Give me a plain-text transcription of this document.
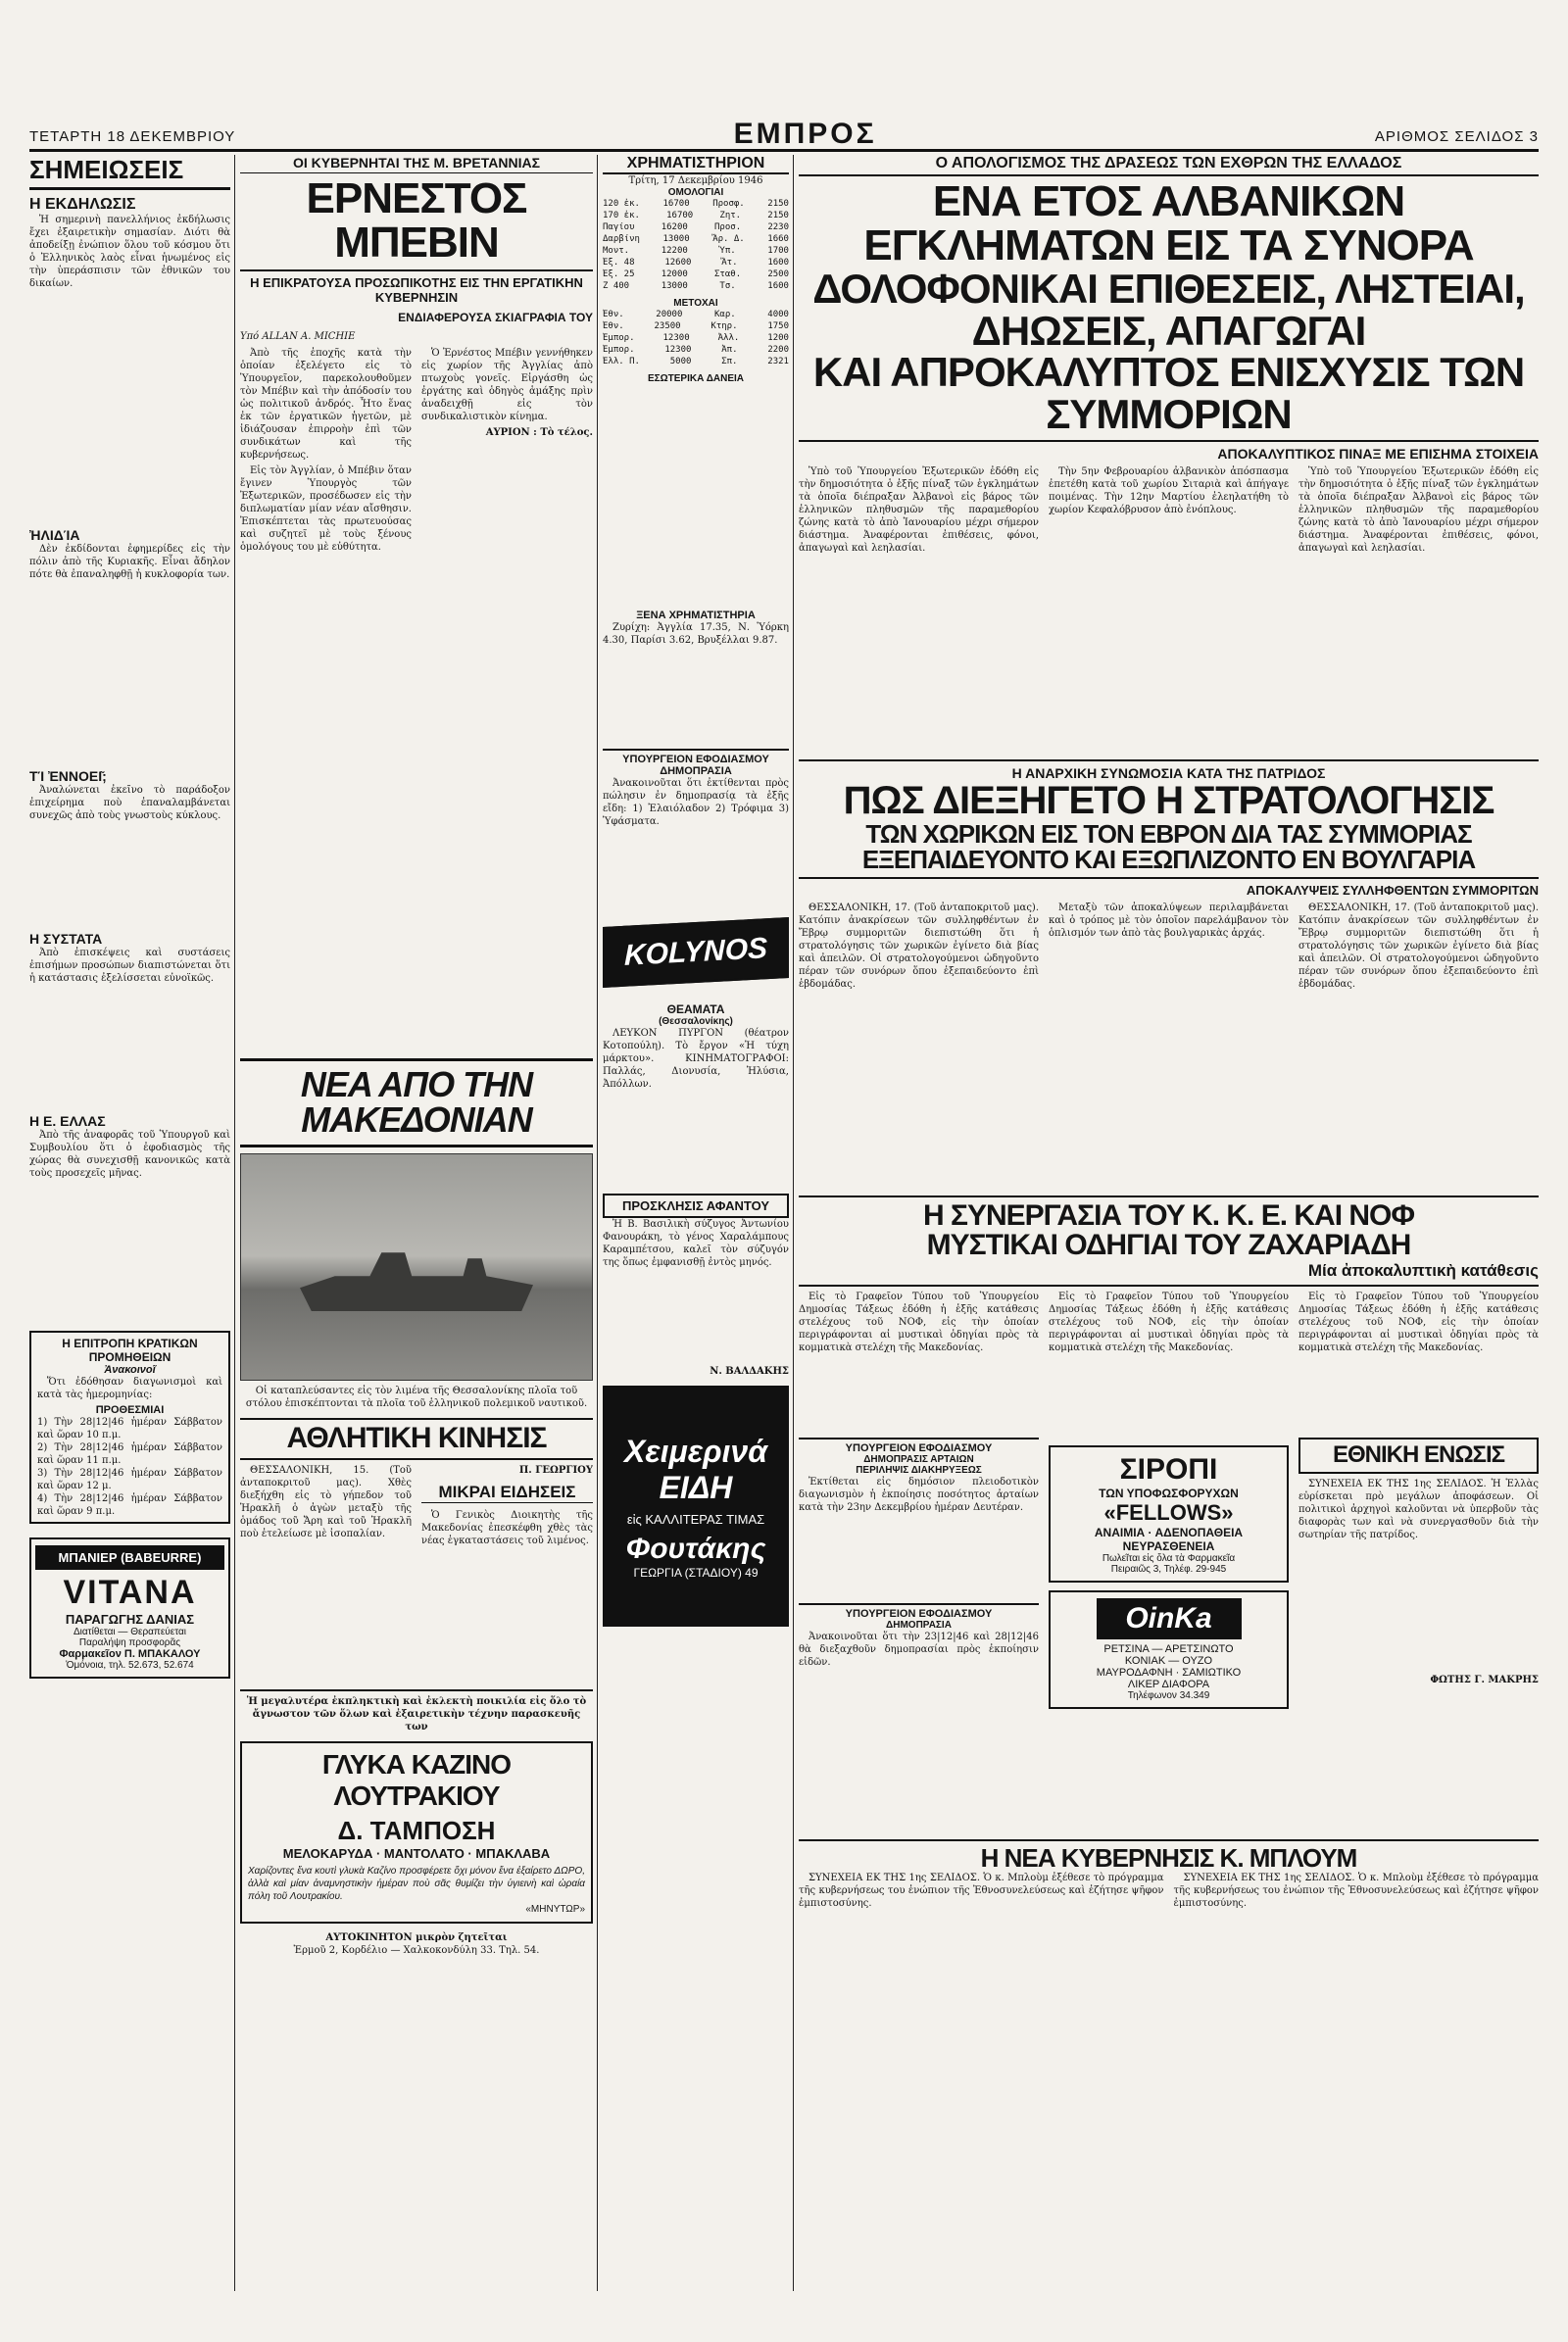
ΤΕΤΑΡΤΗ 18 ΔΕΚΕΜΒΡΙΟΥ	ΕΜΠΡΟΣ	ΑΡΙΘΜΟΣ ΣΕΛΙΔΟΣ 3
ΣΗΜΕΙΩΣΕΙΣ
Η ΕΚΔΗΛΩΣΙΣ

Ἡ σημερινὴ πανελλήνιος ἐκδήλωσις ἔχει ἐξαιρετικὴν σημασίαν. Διότι θὰ ἀποδείξῃ ἐνώπιον ὅλου τοῦ κόσμου ὅτι ὁ Ἑλληνικὸς λαὸς εἶναι ἡνωμένος εἰς τὴν ὑπεράσπισιν τῶν ἐθνικῶν του δικαίων.

ἨΛΙΔΊΑ

Δὲν ἐκδίδονται ἐφημερίδες εἰς τὴν πόλιν ἀπὸ τῆς Κυριακῆς. Εἶναι ἄδηλον πότε θὰ ἐπαναληφθῇ ἡ κυκλοφορία των.

ΤΊ ἘΝΝΟΕΙ͂;

Ἀναλώνεται ἐκεῖνο τὸ παράδοξον ἐπιχείρημα ποὺ ἐπαναλαμβάνεται συνεχῶς ἀπὸ τοὺς γνωστοὺς κύκλους.

Η ΣΥΣΤΑΤΑ

Ἀπὸ ἐπισκέψεις καὶ συστάσεις ἐπισήμων προσώπων διαπιστώνεται ὅτι ἡ κατάστασις ἐξελίσσεται εὐνοϊκῶς.

Η Ε. ΕΛΛΑΣ

Ἀπὸ τῆς ἀναφορᾶς τοῦ Ὑπουργοῦ καὶ Συμβουλίου ὅτι ὁ ἐφοδιασμὸς τῆς χώρας θὰ συνεχισθῇ κανονικῶς κατὰ τοὺς προσεχεῖς μῆνας.

Η ΕΠΙΤΡΟΠΗ ΚΡΑΤΙΚΩΝ ΠΡΟΜΗΘΕΙΩΝ
Ἀνακοινοῖ

Ὅτι ἐδόθησαν διαγωνισμοὶ καὶ κατὰ τὰς ἡμερομηνίας:

ΠΡΟΘΕΣΜΙΑΙ
1) Τὴν 28|12|46 ἡμέραν Σάββατον καὶ ὥραν 10 π.μ.
2) Τὴν 28|12|46 ἡμέραν Σάββατον καὶ ὥραν 11 π.μ.
3) Τὴν 28|12|46 ἡμέραν Σάββατον καὶ ὥραν 12 μ.
4) Τὴν 28|12|46 ἡμέραν Σάββατον καὶ ὥραν 9 π.μ.
ΜΠΑΝΙΕΡ (BABEURRE)
VITANA
ΠΑΡΑΓΩΓΗΣ ΔΑΝΙΑΣ
Διατίθεται — Θεραπεύεται
Παραλήψη προσφορᾶς
Φαρμακεῖον Π. ΜΠΑΚΑΛΟΥ
Ὁμόνοια, τηλ. 52.673, 52.674
ΟΙ ΚΥΒΕΡΝΗΤΑΙ ΤΗΣ Μ. ΒΡΕΤΑΝΝΙΑΣ
ΕΡΝΕΣΤΟΣ ΜΠΕΒΙΝ
Η ΕΠΙΚΡΑΤΟΥΣΑ ΠΡΟΣΩΠΙΚΟΤΗΣ ΕΙΣ ΤΗΝ ΕΡΓΑΤΙΚΗΝ ΚΥΒΕΡΝΗΣΙΝ
ΕΝΔΙΑΦΕΡΟΥΣΑ ΣΚΙΑΓΡΑΦΙΑ ΤΟΥ
Υπό ALLAN A. MICHIE

Ἀπὸ τῆς ἐποχῆς κατὰ τὴν ὁποίαν ἐξελέγετο εἰς τὸ Ὑπουργεῖον, παρεκολουθοῦμεν τὸν Μπέβιν καὶ τὴν ἀπόδοσίν του ὡς πολιτικοῦ ἀνδρός. Ἦτο ἕνας ἐκ τῶν ἐργατικῶν ἡγετῶν, μὲ ἰδιάζουσαν ἐπιρροὴν ἐπὶ τῶν συνδικάτων καὶ τῆς κυβερνήσεως.

Εἰς τὸν Ἀγγλίαν, ὁ Μπέβιν ὅταν ἔγινεν Ὑπουργὸς τῶν Ἐξωτερικῶν, προσέδωσεν εἰς τὴν διπλωματίαν μίαν νέαν αἴσθησιν. Ἐπισκέπτεται τὰς πρωτευούσας καὶ συζητεῖ μὲ τοὺς ξένους ὁμολόγους του μὲ εὐθύτητα.

Ὁ Ἐρνέστος Μπέβιν γεννήθηκεν εἰς χωρίον τῆς Ἀγγλίας ἀπὸ πτωχοὺς γονεῖς. Εἰργάσθη ὡς ἐργάτης καὶ ὁδηγὸς ἁμάξης πρὶν ἀναδειχθῇ εἰς τὸν συνδικαλιστικὸν κίνημα.

ΑΥΡΙΟΝ : Τὸ τέλος.

ΝΕΑ ΑΠΟ ΤΗΝ ΜΑΚΕΔΟΝΙΑΝ
Οἱ καταπλεύσαντες εἰς τὸν λιμένα τῆς Θεσσαλονίκης πλοῖα τοῦ στόλου ἐπισκέπτονται τὰ πλοῖα τοῦ ἑλληνικοῦ πολεμικοῦ ναυτικοῦ.
ΑΘΛΗΤΙΚΗ ΚΙΝΗΣΙΣ

ΘΕΣΣΑΛΟΝΙΚΗ, 15. (Τοῦ ἀνταποκριτοῦ μας). Χθὲς διεξήχθη εἰς τὸ γήπεδον τοῦ Ἡρακλῆ ὁ ἀγὼν μεταξὺ τῆς ὁμάδος τοῦ Ἄρη καὶ τοῦ Ἡρακλῆ ποὺ ἐτελείωσε μὲ ἰσοπαλίαν.

Π. ΓΕΩΡΓΙΟΥ
ΜΙΚΡΑΙ ΕΙΔΗΣΕΙΣ

Ὁ Γενικὸς Διοικητὴς τῆς Μακεδονίας ἐπεσκέφθη χθὲς τὰς νέας ἐγκαταστάσεις τοῦ λιμένος.

Ἡ μεγαλυτέρα ἐκπληκτικὴ καὶ ἐκλεκτὴ ποικιλία εἰς ὅλο τὸ ἄγνωστον τῶν ὅλων καὶ ἐξαιρετικὴν τέχνην παρασκευῆς των
ΓΛΥΚΑ ΚΑΖΙΝΟ ΛΟΥΤΡΑΚΙΟΥ
Δ. ΤΑΜΠΟΣΗ
ΜΕΛΟΚΑΡΥΔΑ · ΜΑΝΤΟΛΑΤΟ · ΜΠΑΚΛΑΒΑ
Χαρίζοντες ἕνα κουτὶ γλυκὰ Καζίνο προσφέρετε ὄχι μόνον ἕνα ἐξαίρετο ΔΩΡΟ, ἀλλὰ καὶ μίαν ἀναμνηστικὴν ἡμέραν ποὺ σᾶς θυμίζει τὴν ὑγιεινὴ καὶ ὡραία πόλη τοῦ Λουτρακίου.
«ΜΗΝΥΤΩΡ»
ΑΥΤΟΚΙΝΗΤΟΝ μικρὸν ζητεῖται
Ἐρμοῦ 2, Κορδέλιο — Χαλκοκονδύλη 33. Τηλ. 54.
ΧΡΗΜΑΤΙΣΤΗΡΙΟΝ
Τρίτη, 17 Δεκεμβρίου 1946
ΟΜΟΛΟΓΙΑΙ
120 ἐκ.	16700	Προσφ.	2150
170 ἐκ.	16700	Ζητ.	2150
Παγίου	16200	Προσ.	2230
Δαρβίνη	13000	Ἄρ. Δ.	1660
Μοντ.	12200	Ὑπ.	1700
Ἐξ. 48	12600	Ἄτ.	1600
Ἐξ. 25	12000	Σταθ.	2500
Ζ 400	13000	Τσ.	1600
ΜΕΤΟΧΑΙ
Ἐθν.	20000	Καρ.	4000
Ἐθν.	23500	Κτηρ.	1750
Ἐμπορ.	12300	Ἀλλ.	1200
Ἐμπορ.	12300	Ἀπ.	2200
Ἑλλ. Π.	5000	Σπ.	2321
ΕΣΩΤΕΡΙΚΑ ΔΑΝΕΙΑ
ΞΕΝΑ ΧΡΗΜΑΤΙΣΤΗΡΙΑ

Ζυρίχη: Ἀγγλία 17.35, Ν. Ὑόρκη 4.30, Παρίσι 3.62, Βρυξέλλαι 9.87.

ΥΠΟΥΡΓΕΙΟΝ ΕΦΟΔΙΑΣΜΟΥ
ΔΗΜΟΠΡΑΣΙΑ

Ἀνακοινοῦται ὅτι ἐκτίθενται πρὸς πώλησιν ἐν δημοπρασίᾳ τὰ ἑξῆς εἴδη: 1) Ἐλαιόλαδον 2) Τρόφιμα 3) Ὑφάσματα.

KOLYNOS
ΘΕΑΜΑΤΑ
(Θεσσαλονίκης)

ΛΕΥΚΟΝ ΠΥΡΓΟΝ (θέατρον Κοτοπούλη). Τὸ ἔργον «Ἡ τύχη μάρκτου». ΚΙΝΗΜΑΤΟΓΡΑΦΟΙ: Παλλάς, Διονυσία, Ἠλύσια, Ἀπόλλων.

ΠΡΟΣΚΛΗΣΙΣ ΑΦΑΝΤΟΥ

Ἡ Β. Βασιλικὴ σύζυγος Ἀντωνίου Φανουράκη, τὸ γένος Χαραλάμπους Καραμπέτσου, καλεῖ τὸν σύζυγόν της ὅπως ἐμφανισθῇ ἐντὸς μηνός.

Ν. ΒΑΛΔΑΚΗΣ
Χειμερινά ΕΙΔΗ
εἰς ΚΑΛΛΙΤΕΡΑΣ ΤΙΜΑΣ
Φουτάκης
ΓΕΩΡΓΙΑ (ΣΤΑΔΙΟΥ) 49
Ο ΑΠΟΛΟΓΙΣΜΟΣ ΤΗΣ ΔΡΑΣΕΩΣ ΤΩΝ ΕΧΘΡΩΝ ΤΗΣ ΕΛΛΑΔΟΣ
ΕΝΑ ΕΤΟΣ ΑΛΒΑΝΙΚΩΝ ΕΓΚΛΗΜΑΤΩΝ ΕΙΣ ΤΑ ΣΥΝΟΡΑ
ΔΟΛΟΦΟΝΙΚΑΙ ΕΠΙΘΕΣΕΙΣ, ΛΗΣΤΕΙΑΙ, ΔΗΩΣΕΙΣ, ΑΠΑΓΩΓΑΙ
ΚΑΙ ΑΠΡΟΚΑΛΥΠΤΟΣ ΕΝΙΣΧΥΣΙΣ ΤΩΝ ΣΥΜΜΟΡΙΩΝ
ΑΠΟΚΑΛΥΠΤΙΚΟΣ ΠΙΝΑΞ ΜΕ ΕΠΙΣΗΜΑ ΣΤΟΙΧΕΙΑ

Ὑπὸ τοῦ Ὑπουργείου Ἐξωτερικῶν ἐδόθη εἰς τὴν δημοσιότητα ὁ ἑξῆς πίναξ τῶν ἐγκλημάτων τὰ ὁποῖα διέπραξαν Ἀλβανοὶ εἰς βάρος τῶν ἑλληνικῶν πληθυσμῶν τῆς παραμεθορίου ζώνης κατὰ τὸ ἀπὸ Ἰανουαρίου μέχρι σήμερον διάστημα. Ἀναφέρονται ἐπιθέσεις, φόνοι, ἀπαγωγαὶ καὶ λεηλασίαι.

Τὴν 5ην Φεβρουαρίου ἀλβανικὸν ἀπόσπασμα ἐπετέθη κατὰ τοῦ χωρίου Σιταριὰ καὶ ἀπήγαγε ποιμένας. Τὴν 12ην Μαρτίου ἐλεηλατήθη τὸ χωρίον Κεφαλόβρυσον ἀπὸ ἐνόπλους.

Ὑπὸ τοῦ Ὑπουργείου Ἐξωτερικῶν ἐδόθη εἰς τὴν δημοσιότητα ὁ ἑξῆς πίναξ τῶν ἐγκλημάτων τὰ ὁποῖα διέπραξαν Ἀλβανοὶ εἰς βάρος τῶν ἑλληνικῶν πληθυσμῶν τῆς παραμεθορίου ζώνης κατὰ τὸ ἀπὸ Ἰανουαρίου μέχρι σήμερον διάστημα. Ἀναφέρονται ἐπιθέσεις, φόνοι, ἀπαγωγαὶ καὶ λεηλασίαι.

Η ΑΝΑΡΧΙΚΗ ΣΥΝΩΜΟΣΙΑ ΚΑΤΑ ΤΗΣ ΠΑΤΡΙΔΟΣ
ΠΩΣ ΔΙΕΞΗΓΕΤΟ Η ΣΤΡΑΤΟΛΟΓΗΣΙΣ
ΤΩΝ ΧΩΡΙΚΩΝ ΕΙΣ ΤΟΝ ΕΒΡΟΝ ΔΙΑ ΤΑΣ ΣΥΜΜΟΡΙΑΣ
ΕΞΕΠΑΙΔΕΥΟΝΤΟ ΚΑΙ ΕΞΩΠΛΙΖΟΝΤΟ ΕΝ ΒΟΥΛΓΑΡΙΑ
ΑΠΟΚΑΛΥΨΕΙΣ ΣΥΛΛΗΦΘΕΝΤΩΝ ΣΥΜΜΟΡΙΤΩΝ

ΘΕΣΣΑΛΟΝΙΚΗ, 17. (Τοῦ ἀνταποκριτοῦ μας). Κατόπιν ἀνακρίσεων τῶν συλληφθέντων ἐν Ἔβρῳ συμμοριτῶν διεπιστώθη ὅτι ἡ στρατολόγησις τῶν χωρικῶν ἐγίνετο διὰ βίας καὶ ἀπειλῶν. Οἱ στρατολογούμενοι ὡδηγοῦντο πέραν τῶν συνόρων ὅπου ἐξεπαιδεύοντο ἐπὶ ἑβδομάδας.

Μεταξὺ τῶν ἀποκαλύψεων περιλαμβάνεται καὶ ὁ τρόπος μὲ τὸν ὁποῖον παρελάμβανον τὸν ὁπλισμόν των ἀπὸ τὰς βουλγαρικὰς ἀρχάς.

ΘΕΣΣΑΛΟΝΙΚΗ, 17. (Τοῦ ἀνταποκριτοῦ μας). Κατόπιν ἀνακρίσεων τῶν συλληφθέντων ἐν Ἔβρῳ συμμοριτῶν διεπιστώθη ὅτι ἡ στρατολόγησις τῶν χωρικῶν ἐγίνετο διὰ βίας καὶ ἀπειλῶν. Οἱ στρατολογούμενοι ὡδηγοῦντο πέραν τῶν συνόρων ὅπου ἐξεπαιδεύοντο ἐπὶ ἑβδομάδας.

Η ΣΥΝΕΡΓΑΣΙΑ ΤΟΥ Κ. Κ. Ε. ΚΑΙ ΝΟΦ
ΜΥΣΤΙΚΑΙ ΟΔΗΓΙΑΙ ΤΟΥ ΖΑΧΑΡΙΑΔΗ
Μία ἀποκαλυπτικὴ κατάθεσις

Εἰς τὸ Γραφεῖον Τύπου τοῦ Ὑπουργείου Δημοσίας Τάξεως ἐδόθη ἡ ἑξῆς κατάθεσις στελέχους τοῦ ΝΟΦ, εἰς τὴν ὁποίαν περιγράφονται αἱ μυστικαὶ ὁδηγίαι πρὸς τὰ κομματικὰ στελέχη τῆς Μακεδονίας.

ΥΠΟΥΡΓΕΙΟΝ ΕΦΟΔΙΑΣΜΟΥ
ΔΗΜΟΠΡΑΣΙΣ ΑΡΤΑΙΩΝ
ΠΕΡΙΛΗΨΙΣ ΔΙΑΚΗΡΥΞΕΩΣ

Ἐκτίθεται εἰς δημόσιον πλειοδοτικὸν διαγωνισμὸν ἡ ἐκποίησις ποσότητος ἀρταίων κατὰ τὴν 23ην Δεκεμβρίου ἡμέραν Δευτέραν.

ΥΠΟΥΡΓΕΙΟΝ ΕΦΟΔΙΑΣΜΟΥ
ΔΗΜΟΠΡΑΣΙΑ

Ἀνακοινοῦται ὅτι τὴν 23|12|46 καὶ 28|12|46 θὰ διεξαχθοῦν δημοπρασίαι πρὸς ἐκποίησιν εἰδῶν.

Εἰς τὸ Γραφεῖον Τύπου τοῦ Ὑπουργείου Δημοσίας Τάξεως ἐδόθη ἡ ἑξῆς κατάθεσις στελέχους τοῦ ΝΟΦ, εἰς τὴν ὁποίαν περιγράφονται αἱ μυστικαὶ ὁδηγίαι πρὸς τὰ κομματικὰ στελέχη τῆς Μακεδονίας.

ΣΙΡΟΠΙ
ΤΩΝ ΥΠΟΦΩΣΦΟΡΥΧΩΝ
«FELLOWS»
ΑΝΑΙΜΙΑ · ΑΔΕΝΟΠΑΘΕΙΑ
ΝΕΥΡΑΣΘΕΝΕΙΑ
Πωλεῖται εἰς ὅλα τὰ Φαρμακεῖα
Πειραιῶς 3, Τηλέφ. 29-945
OinKa
ΡΕΤΣΙΝΑ — ΑΡΕΤΣΙΝΩΤΟ
ΚΟΝΙΑΚ — ΟΥΖΟ
ΜΑΥΡΟΔΑΦΝΗ · ΣΑΜΙΩΤΙΚΟ
ΛΙΚΕΡ ΔΙΑΦΟΡΑ
Τηλέφωνον 34.349

Εἰς τὸ Γραφεῖον Τύπου τοῦ Ὑπουργείου Δημοσίας Τάξεως ἐδόθη ἡ ἑξῆς κατάθεσις στελέχους τοῦ ΝΟΦ, εἰς τὴν ὁποίαν περιγράφονται αἱ μυστικαὶ ὁδηγίαι πρὸς τὰ κομματικὰ στελέχη τῆς Μακεδονίας.

ΕΘΝΙΚΗ ΕΝΩΣΙΣ

ΣΥΝΕΧΕΙΑ ΕΚ ΤΗΣ 1ης ΣΕΛΙΔΟΣ. Ἡ Ἑλλὰς εὑρίσκεται πρὸ μεγάλων ἀποφάσεων. Οἱ πολιτικοὶ ἀρχηγοὶ καλοῦνται νὰ ὑπερβοῦν τὰς διαφορὰς των καὶ νὰ συνεργασθοῦν διὰ τὴν σωτηρίαν τῆς πατρίδος.

ΦΩΤΗΣ Γ. ΜΑΚΡΗΣ
Η ΝΕΑ ΚΥΒΕΡΝΗΣΙΣ Κ. ΜΠΛΟΥΜ

ΣΥΝΕΧΕΙΑ ΕΚ ΤΗΣ 1ης ΣΕΛΙΔΟΣ. Ὁ κ. Μπλοὺμ ἐξέθεσε τὸ πρόγραμμα τῆς κυβερνήσεως του ἐνώπιον τῆς Ἐθνοσυνελεύσεως καὶ ἐζήτησε ψῆφον ἐμπιστοσύνης.

ΣΥΝΕΧΕΙΑ ΕΚ ΤΗΣ 1ης ΣΕΛΙΔΟΣ. Ὁ κ. Μπλοὺμ ἐξέθεσε τὸ πρόγραμμα τῆς κυβερνήσεως του ἐνώπιον τῆς Ἐθνοσυνελεύσεως καὶ ἐζήτησε ψῆφον ἐμπιστοσύνης.
